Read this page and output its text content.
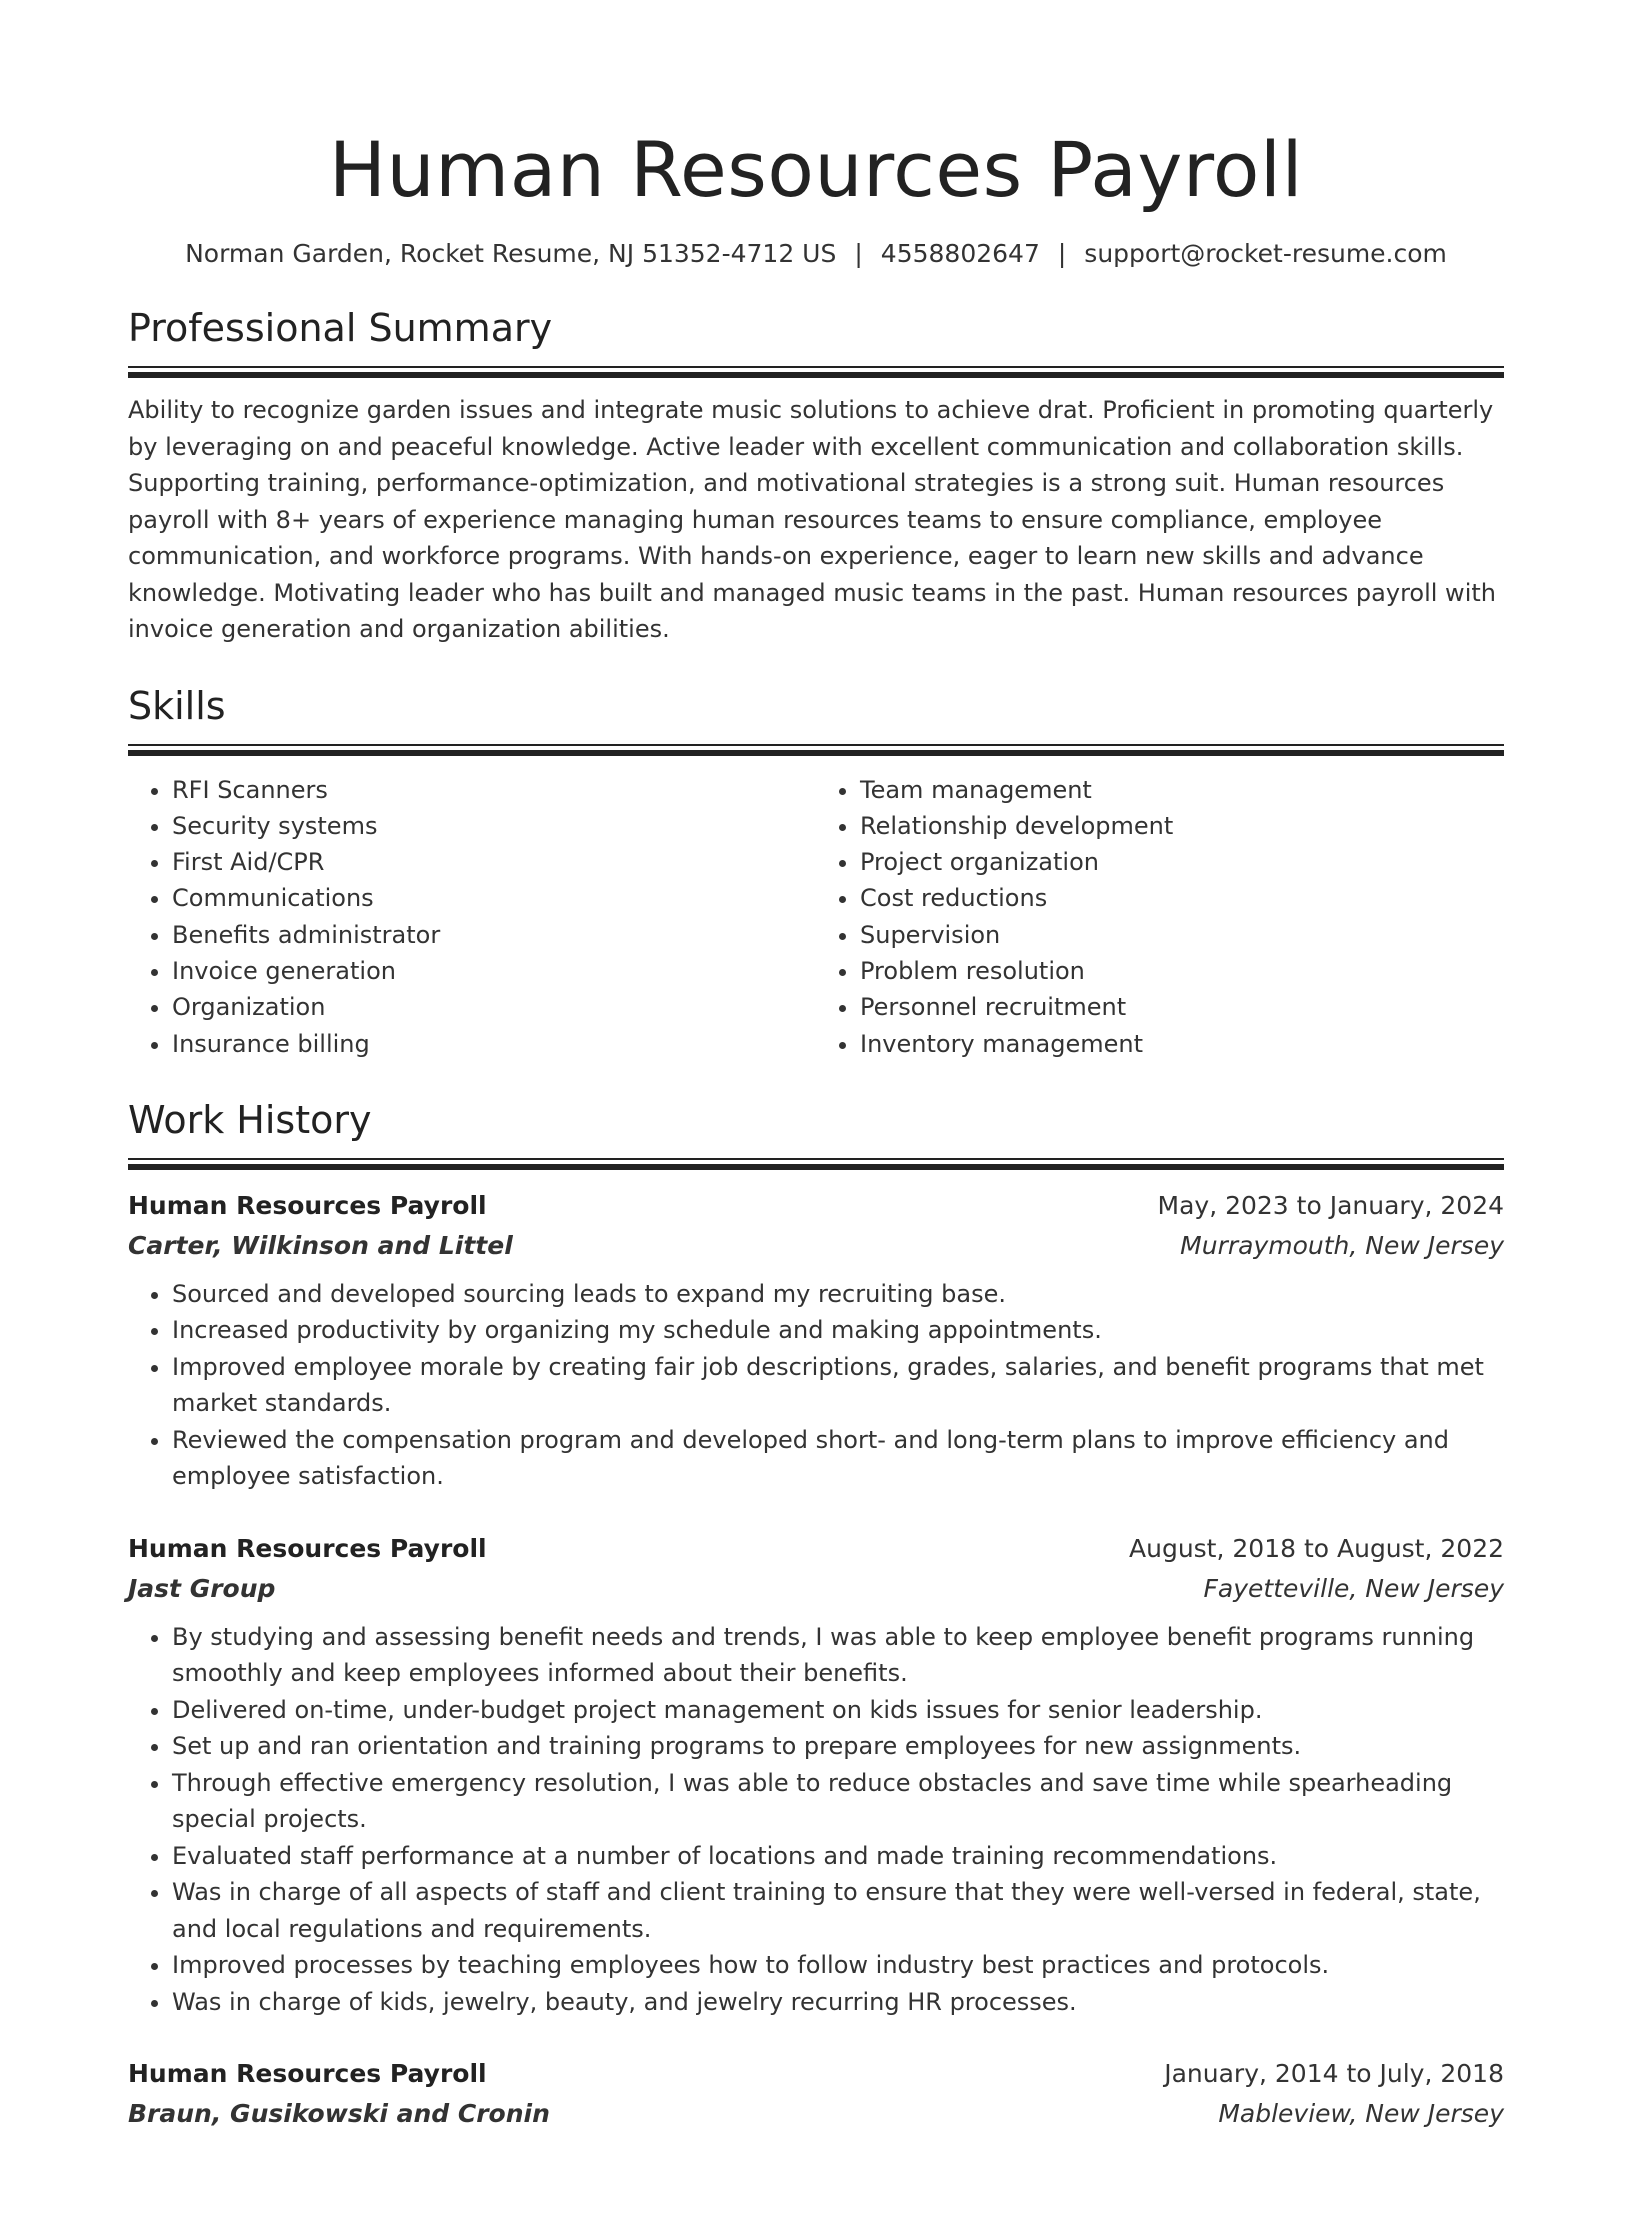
Human Resources Payroll
Norman Garden, Rocket Resume, NJ 51352-4712 US | 4558802647 | support@rocket-resume.com
Professional Summary
Ability to recognize garden issues and integrate music solutions to achieve drat. Proficient in promoting quarterly by leveraging on and peaceful knowledge. Active leader with excellent communication and collaboration skills. Supporting training, performance-optimization, and motivational strategies is a strong suit. Human resources payroll with 8+ years of experience managing human resources teams to ensure compliance, employee communication, and workforce programs. With hands-on experience, eager to learn new skills and advance knowledge. Motivating leader who has built and managed music teams in the past. Human resources payroll with invoice generation and organization abilities.
Skills
• RFI Scanners
• Security systems
• First Aid/CPR
• Communications
• Benefits administrator
• Invoice generation
• Organization
• Insurance billing
• Team management
• Relationship development
• Project organization
• Cost reductions
• Supervision
• Problem resolution
• Personnel recruitment
• Inventory management
Work History
Human Resources Payroll	May, 2023 to January, 2024
Carter, Wilkinson and Littel	Murraymouth, New Jersey
• Sourced and developed sourcing leads to expand my recruiting base.
• Increased productivity by organizing my schedule and making appointments.
• Improved employee morale by creating fair job descriptions, grades, salaries, and benefit programs that met market standards.
• Reviewed the compensation program and developed short- and long-term plans to improve efficiency and employee satisfaction.
Human Resources Payroll	August, 2018 to August, 2022
Jast Group	Fayetteville, New Jersey
• By studying and assessing benefit needs and trends, I was able to keep employee benefit programs running smoothly and keep employees informed about their benefits.
• Delivered on-time, under-budget project management on kids issues for senior leadership.
• Set up and ran orientation and training programs to prepare employees for new assignments.
• Through effective emergency resolution, I was able to reduce obstacles and save time while spearheading special projects.
• Evaluated staff performance at a number of locations and made training recommendations.
• Was in charge of all aspects of staff and client training to ensure that they were well-versed in federal, state, and local regulations and requirements.
• Improved processes by teaching employees how to follow industry best practices and protocols.
• Was in charge of kids, jewelry, beauty, and jewelry recurring HR processes.
Human Resources Payroll	January, 2014 to July, 2018
Braun, Gusikowski and Cronin	Mableview, New Jersey
